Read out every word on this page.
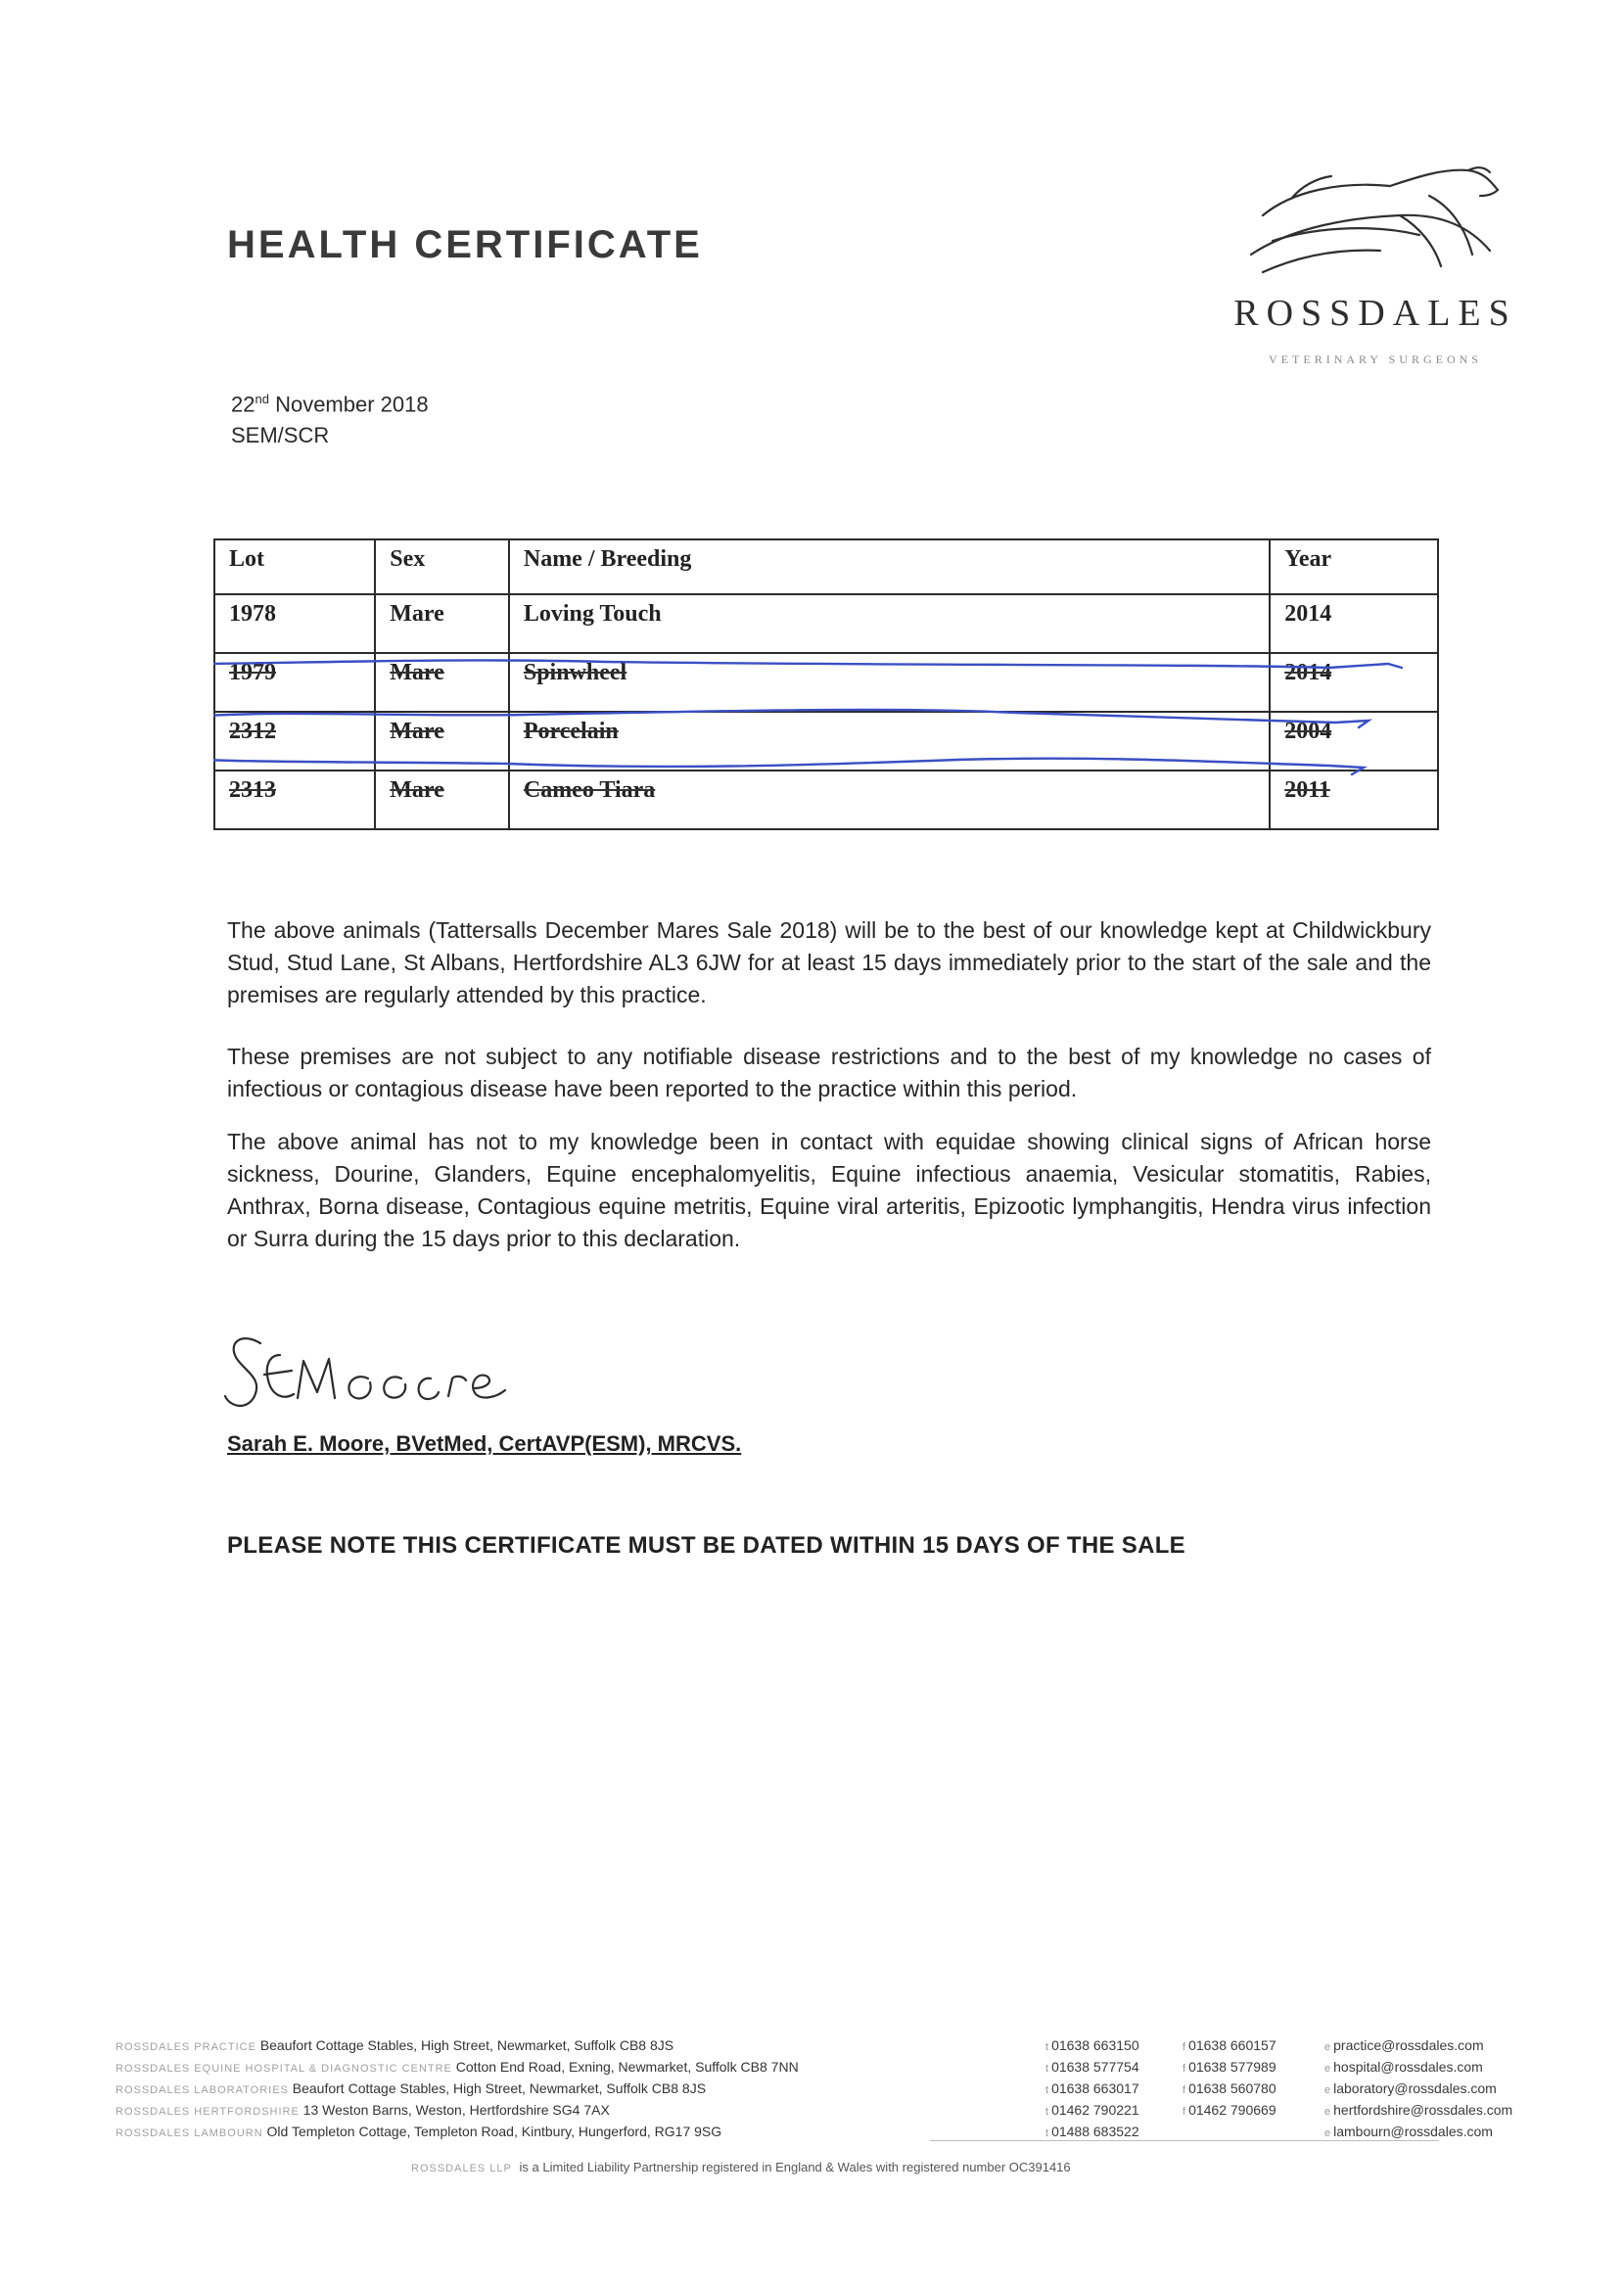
HEALTH CERTIFICATE
ROSSDALES
VETERINARY SURGEONS
22nd November 2018
SEM/SCR
Lot	Sex	Name / Breeding	Year
1978	Mare	Loving Touch	2014
1979	Mare	Spinwheel	2014
2312	Mare	Porcelain	2004
2313	Mare	Cameo Tiara	2011
The above animals (Tattersalls December Mares Sale 2018) will be to the best of our knowledge kept at Childwickbury Stud, Stud Lane, St Albans, Hertfordshire AL3 6JW for at least 15 days immediately prior to the start of the sale and the premises are regularly attended by this practice.
These premises are not subject to any notifiable disease restrictions and to the best of my knowledge no cases of infectious or contagious disease have been reported to the practice within this period.
The above animal has not to my knowledge been in contact with equidae showing clinical signs of African horse sickness, Dourine, Glanders, Equine encephalomyelitis, Equine infectious anaemia, Vesicular stomatitis, Rabies, Anthrax, Borna disease, Contagious equine metritis, Equine viral arteritis, Epizootic lymphangitis, Hendra virus infection or Surra during the 15 days prior to this declaration.
Sarah E. Moore, BVetMed, CertAVP(ESM), MRCVS.
PLEASE NOTE THIS CERTIFICATE MUST BE DATED WITHIN 15 DAYS OF THE SALE
ROSSDALES PRACTICE Beaufort Cottage Stables, High Street, Newmarket, Suffolk CB8 8JS	t 01638 663150	f 01638 660157	e practice@rossdales.com
ROSSDALES EQUINE HOSPITAL & DIAGNOSTIC CENTRE Cotton End Road, Exning, Newmarket, Suffolk CB8 7NN	t 01638 577754	f 01638 577989	e hospital@rossdales.com
ROSSDALES LABORATORIES Beaufort Cottage Stables, High Street, Newmarket, Suffolk CB8 8JS	t 01638 663017	f 01638 560780	e laboratory@rossdales.com
ROSSDALES HERTFORDSHIRE 13 Weston Barns, Weston, Hertfordshire SG4 7AX	t 01462 790221	f 01462 790669	e hertfordshire@rossdales.com
ROSSDALES LAMBOURN Old Templeton Cottage, Templeton Road, Kintbury, Hungerford, RG17 9SG	t 01488 683522	e lambourn@rossdales.com
ROSSDALES LLP is a Limited Liability Partnership registered in England & Wales with registered number OC391416
